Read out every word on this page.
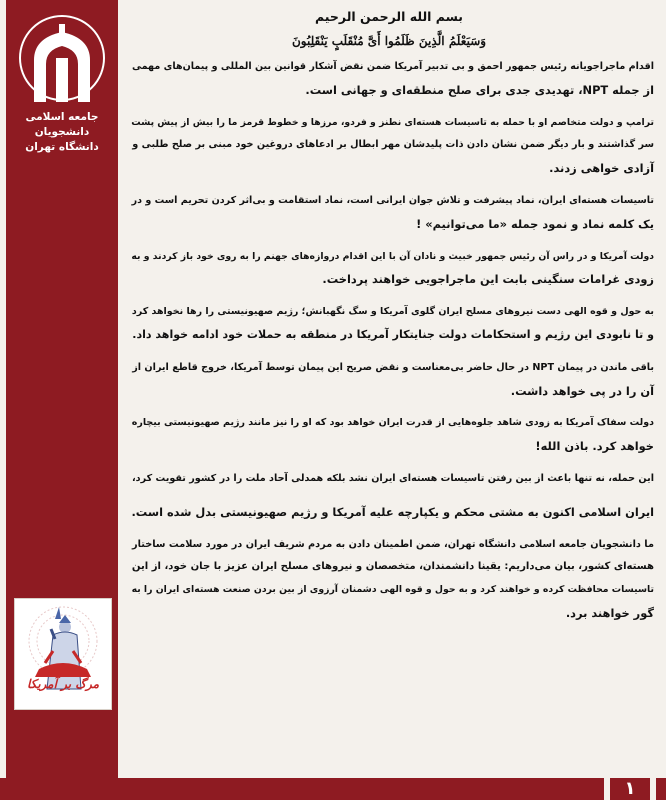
جامعه اسلامی دانشجویان
دانشگاه تهران
مرگ بر آمریکا
بسم الله الرحمن الرحیم
وَسَیَعْلَمُ الَّذِینَ ظَلَمُوا أَیَّ مُنْقَلَبٍ یَنْقَلِبُونَ
اقدام ماجراجویانه رئیس جمهور احمق و بی تدبیر آمریکا ضمن نقض آشکار قوانین بین المللی و پیمان‌های مهمی
از جمله NPT، تهدیدی جدی برای صلح منطقه‌ای و جهانی است.
ترامپ و دولت متخاصم او با حمله به تاسیسات هسته‌ای نطنز و فردو، مرزها و خطوط قرمز ما را بیش از پیش پشت
سر گذاشتند و بار دیگر ضمن نشان دادن ذات پلیدشان مهر ابطال بر ادعاهای دروغین خود مبنی بر صلح طلبی و
آزادی خواهی زدند.
تاسیسات هسته‌ای ایران، نماد پیشرفت و تلاش جوان ایرانی است، نماد استقامت و بی‌اثر کردن تحریم است و در
یک کلمه نماد و نمود جمله «ما می‌توانیم» !
دولت آمریکا و در راس آن رئیس جمهور خبیث و نادان آن با این اقدام دروازه‌های جهنم را به روی خود باز کردند و به
زودی غرامات سنگینی بابت این ماجراجویی خواهند پرداخت.
به حول و قوه الهی دست نیروهای مسلح ایران گلوی آمریکا و سگ نگهبانش؛ رژیم صهیونیستی را رها نخواهد کرد
و تا نابودی این رژیم و استحکامات دولت جنایتکار آمریکا در منطقه به حملات خود ادامه خواهد داد.
باقی ماندن در پیمان NPT در حال حاضر بی‌معناست و نقض صریح این پیمان توسط آمریکا، خروج قاطع ایران از
آن را در پی خواهد داشت.
دولت سفاک آمریکا به زودی شاهد جلوه‌هایی از قدرت ایران خواهد بود که او را نیز مانند رژیم صهیونیستی بیچاره
خواهد کرد. باذن الله!
این حمله، نه تنها باعث از بین رفتن تاسیسات هسته‌ای ایران نشد بلکه همدلی آحاد ملت را در کشور تقویت کرد،
ایران اسلامی اکنون به مشتی محکم و یکپارچه علیه آمریکا و رژیم صهیونیستی بدل شده است.
ما دانشجویان جامعه اسلامی دانشگاه تهران، ضمن اطمینان دادن به مردم شریف ایران در مورد سلامت ساختار
هسته‌ای کشور، بیان می‌داریم: یقینا دانشمندان، متخصصان و نیروهای مسلح ایران عزیز با جان خود، از این
تاسیسات محافظت کرده و خواهند کرد و به حول و قوه الهی دشمنان آرزوی از بین بردن صنعت هسته‌ای ایران را به
گور خواهند برد.
۱
